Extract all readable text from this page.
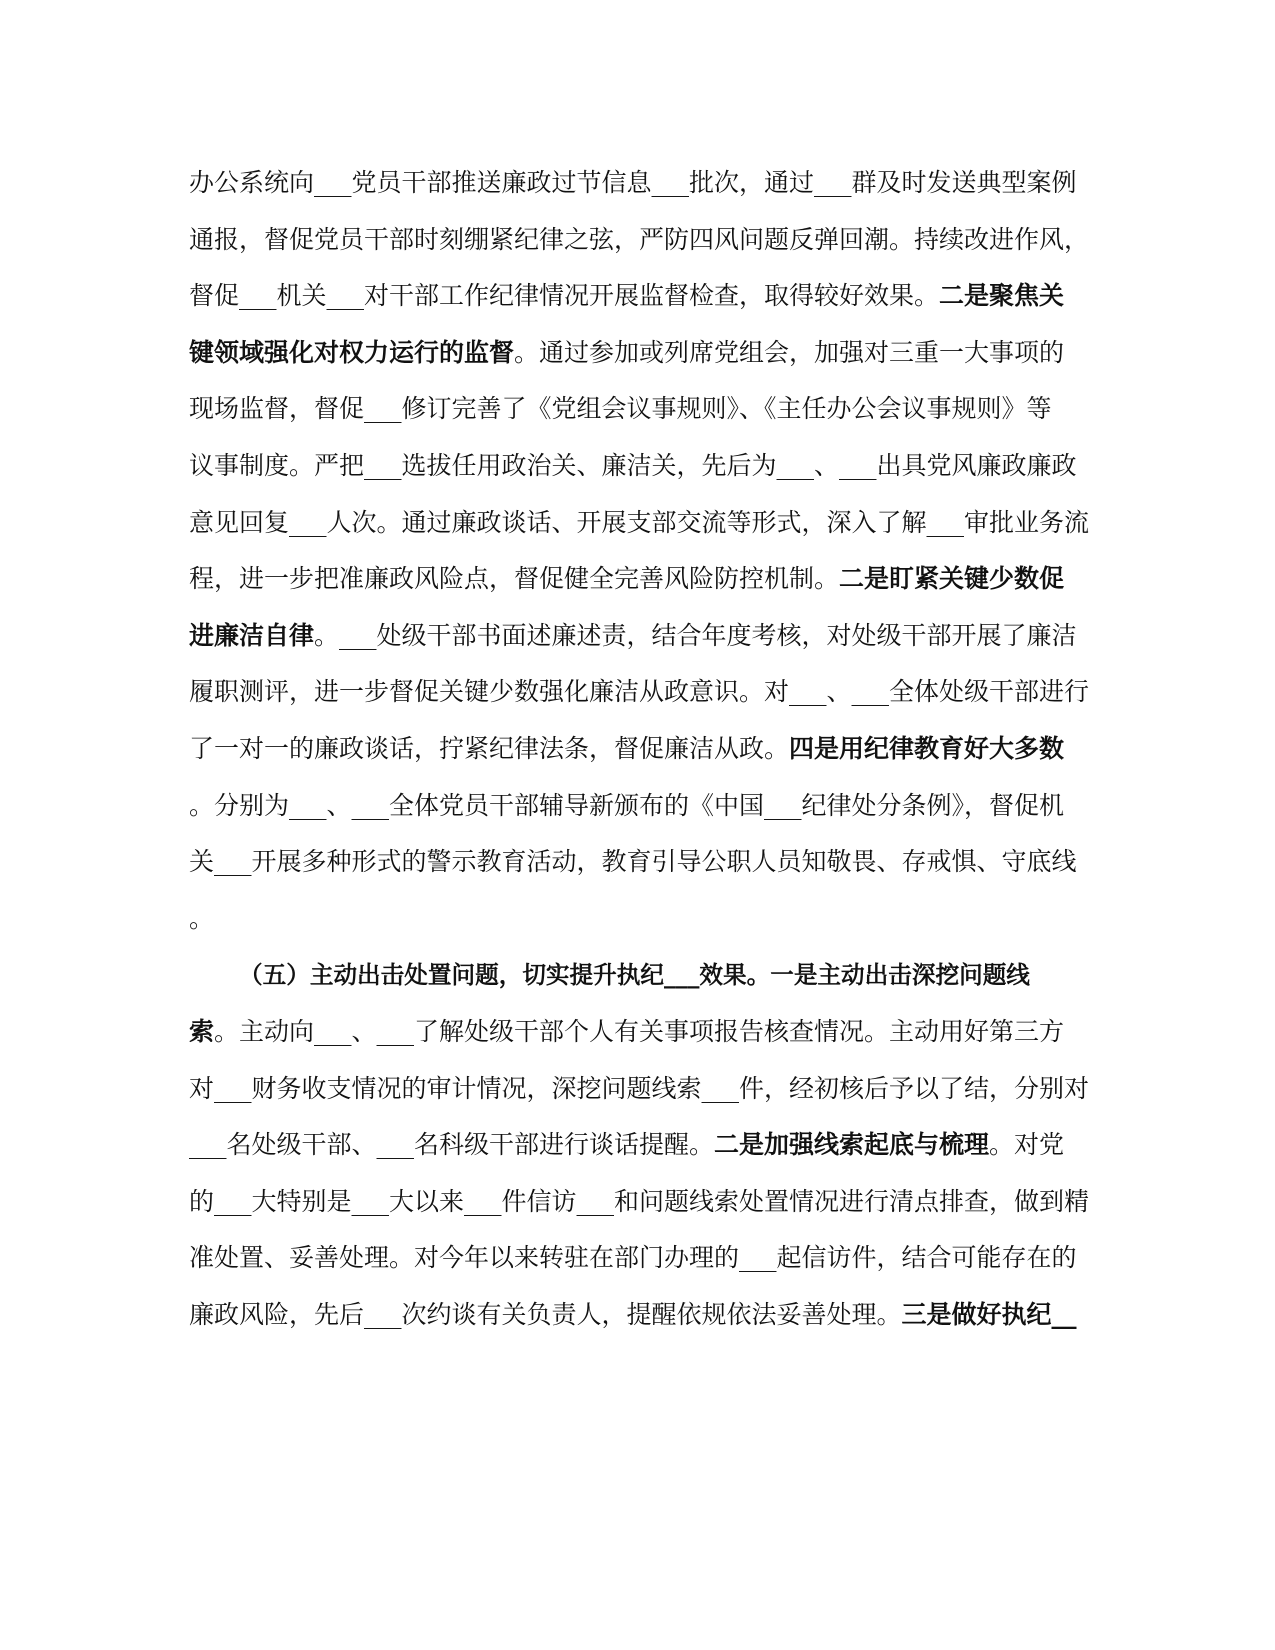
办公系统向___党员干部推送廉政过节信息___批次，通过___群及时发送典型案例
通报，督促党员干部时刻绷紧纪律之弦，严防四风问题反弹回潮。持续改进作风，
督促___机关___对干部工作纪律情况开展监督检查，取得较好效果。二是聚焦关
键领域强化对权力运行的监督。通过参加或列席党组会，加强对三重一大事项的
现场监督，督促___修订完善了《党组会议事规则》、《主任办公会议事规则》等
议事制度。严把___选拔任用政治关、廉洁关，先后为___、___出具党风廉政廉政
意见回复___人次。通过廉政谈话、开展支部交流等形式，深入了解___审批业务流
程，进一步把准廉政风险点，督促健全完善风险防控机制。二是盯紧关键少数促
进廉洁自律。___处级干部书面述廉述责，结合年度考核，对处级干部开展了廉洁
履职测评，进一步督促关键少数强化廉洁从政意识。对___、___全体处级干部进行
了一对一的廉政谈话，拧紧纪律法条，督促廉洁从政。四是用纪律教育好大多数
。分别为___、___全体党员干部辅导新颁布的《中国___纪律处分条例》，督促机
关___开展多种形式的警示教育活动，教育引导公职人员知敬畏、存戒惧、守底线
。
（五）主动出击处置问题，切实提升执纪___效果。一是主动出击深挖问题线
索。主动向___、___了解处级干部个人有关事项报告核查情况。主动用好第三方
对___财务收支情况的审计情况，深挖问题线索___件，经初核后予以了结，分别对
___名处级干部、___名科级干部进行谈话提醒。二是加强线索起底与梳理。对党
的___大特别是___大以来___件信访___和问题线索处置情况进行清点排查，做到精
准处置、妥善处理。对今年以来转驻在部门办理的___起信访件，结合可能存在的
廉政风险，先后___次约谈有关负责人，提醒依规依法妥善处理。三是做好执纪__
